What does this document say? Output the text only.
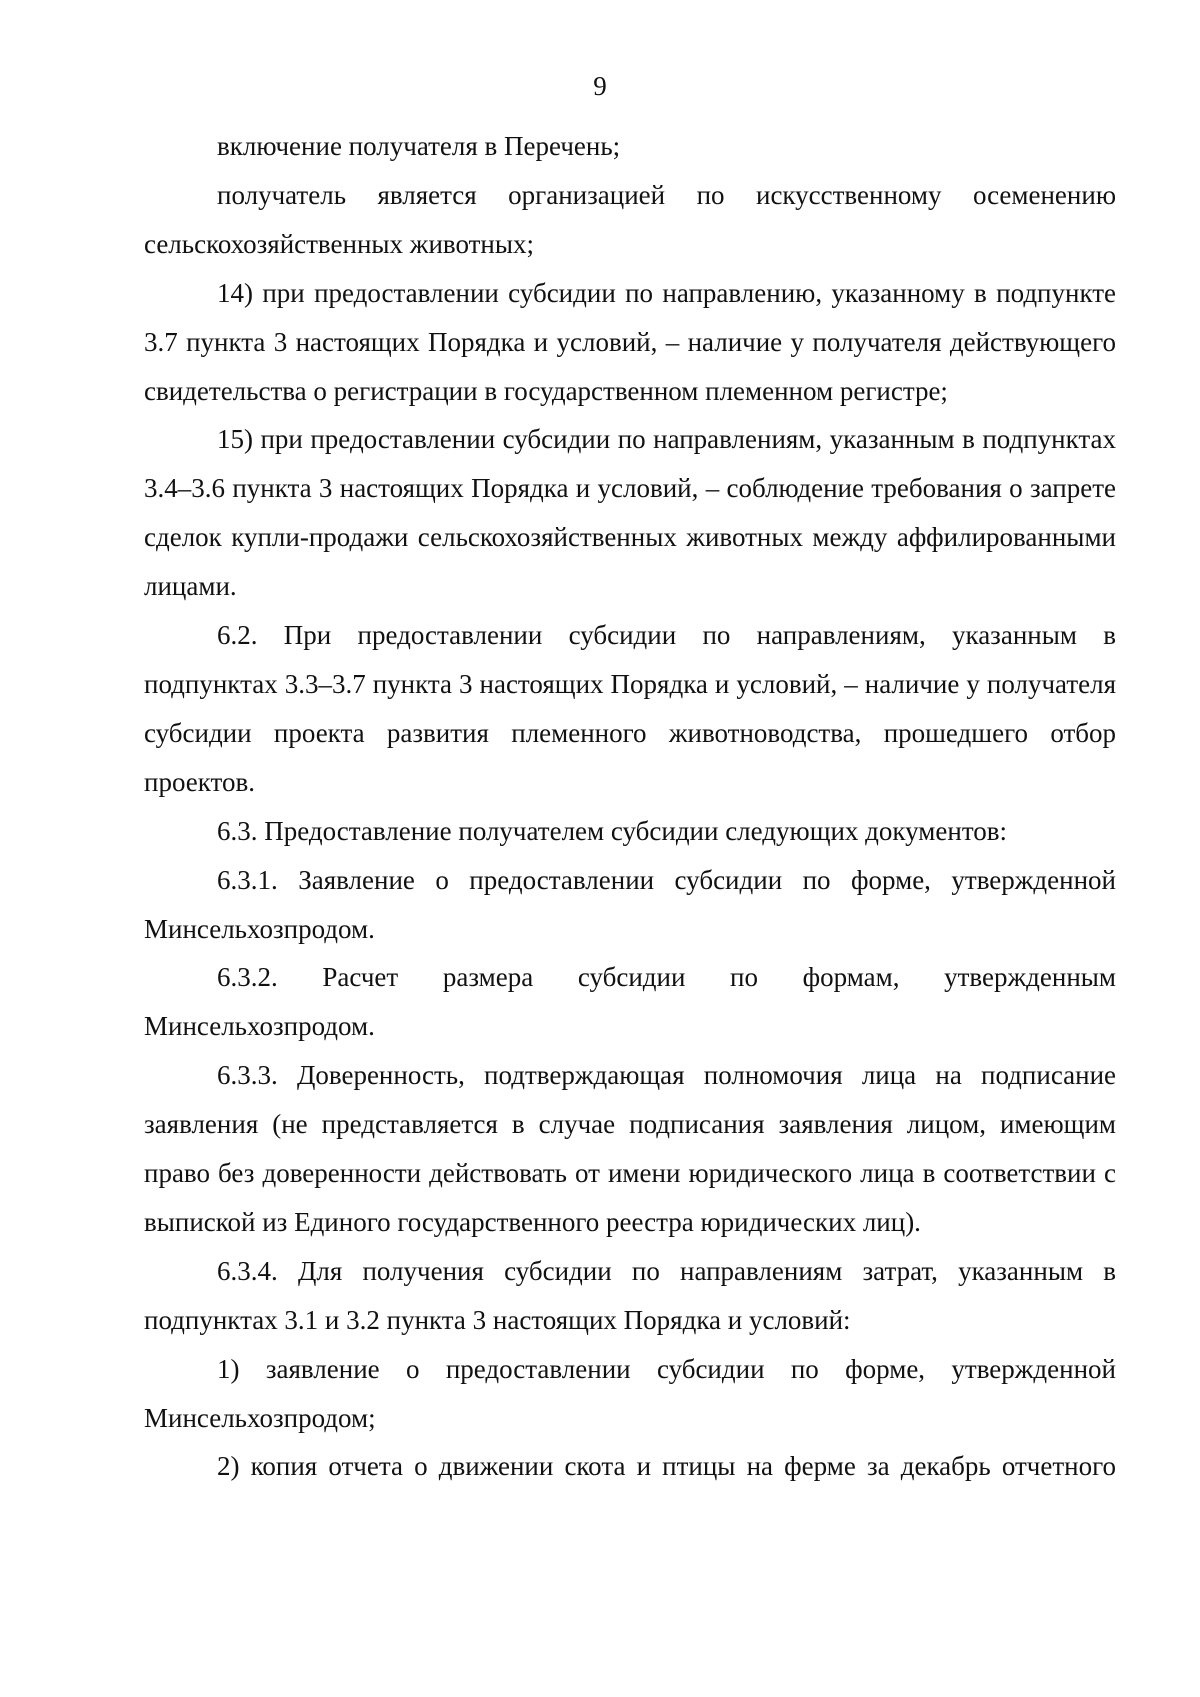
9

включение получателя в Перечень;

получатель является организацией по искусственному осеменению сельскохозяйственных животных;

14) при предоставлении субсидии по направлению, указанному в подпункте 3.7 пункта 3 настоящих Порядка и условий, – наличие у получателя действующего свидетельства о регистрации в государственном племенном регистре;

15) при предоставлении субсидии по направлениям, указанным в подпунктах 3.4–3.6 пункта 3 настоящих Порядка и условий, – соблюдение требования о запрете сделок купли-продажи сельскохозяйственных животных между аффилированными лицами.

6.2. При предоставлении субсидии по направлениям, указанным в подпунктах 3.3–3.7 пункта 3 настоящих Порядка и условий, – наличие у получателя субсидии проекта развития племенного животноводства, прошедшего отбор проектов.

6.3. Предоставление получателем субсидии следующих документов:

6.3.1. Заявление о предоставлении субсидии по форме, утвержденной Минсельхозпродом.

6.3.2. Расчет размера субсидии по формам, утвержденным Минсельхозпродом.

6.3.3. Доверенность, подтверждающая полномочия лица на подписание заявления (не представляется в случае подписания заявления лицом, имеющим право без доверенности действовать от имени юридического лица в соответствии с выпиской из Единого государственного реестра юридических лиц).

6.3.4. Для получения субсидии по направлениям затрат, указанным в подпунктах 3.1 и 3.2 пункта 3 настоящих Порядка и условий:

1) заявление о предоставлении субсидии по форме, утвержденной Минсельхозпродом;

2) копия отчета о движении скота и птицы на ферме за декабрь отчетного
